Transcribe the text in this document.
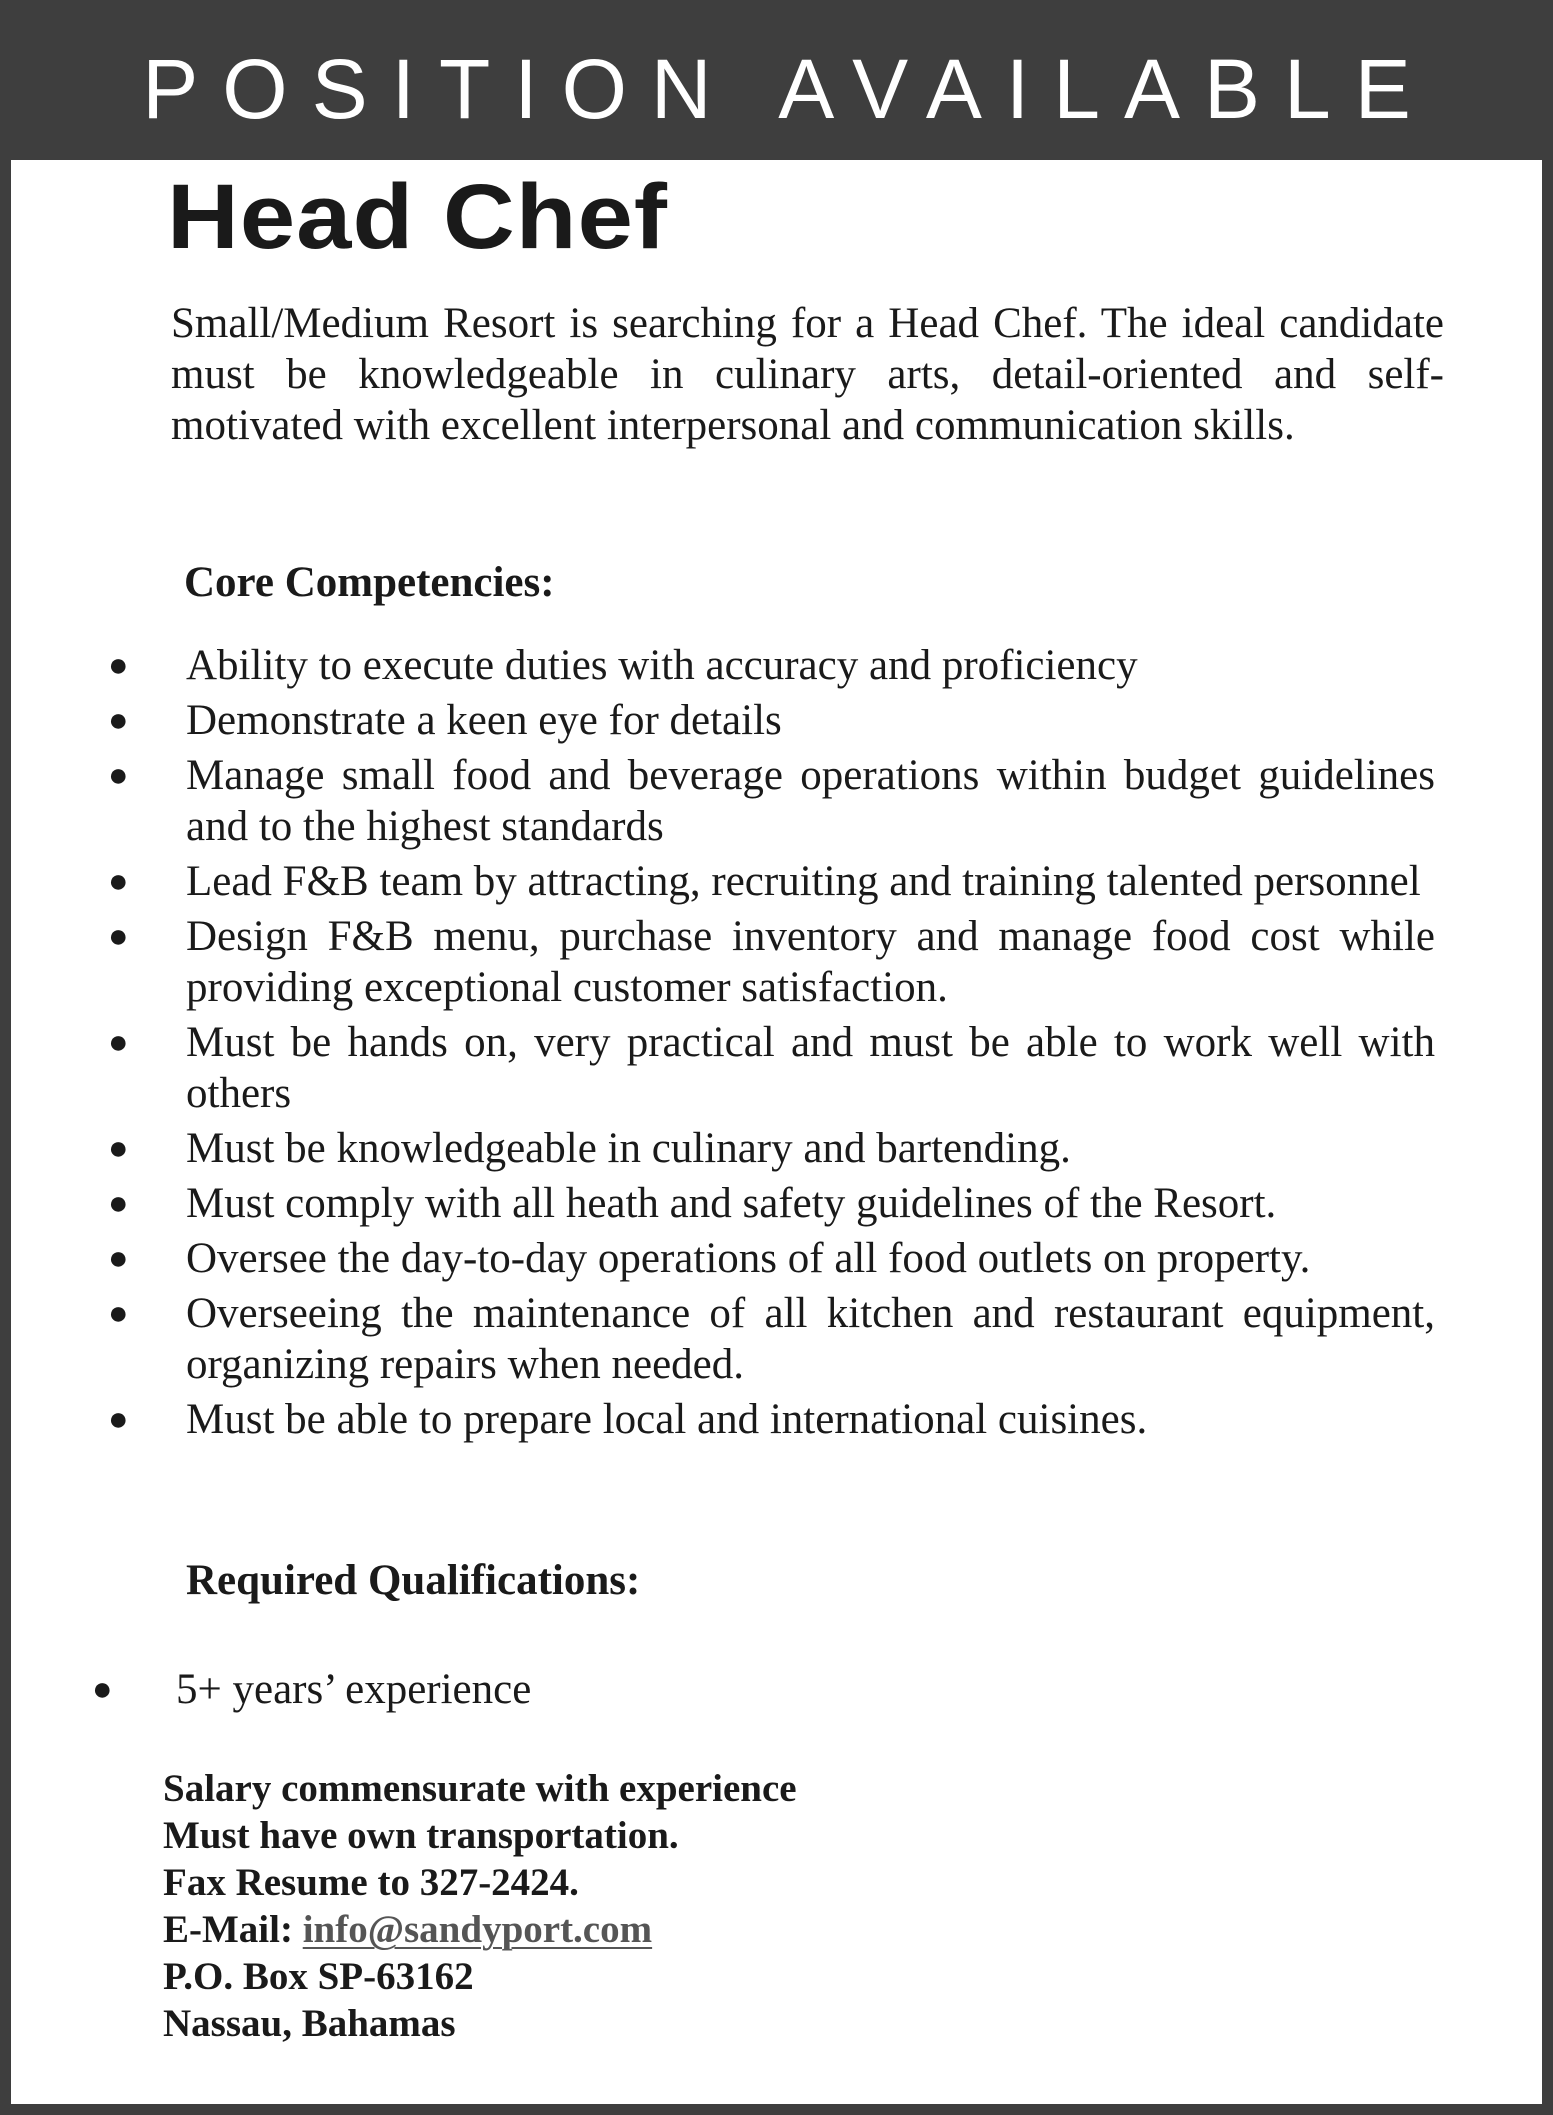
POSITION AVAILABLE
Head Chef

Small/Medium Resort is searching for a Head Chef. The ideal candidate must be knowledgeable in culinary arts, detail-oriented and self-motivated with excellent interpersonal and communication skills.

Core Competencies:

● Ability to execute duties with accuracy and proficiency
● Demonstrate a keen eye for details
● Manage small food and beverage operations within budget guidelines and to the highest standards
● Lead F&B team by attracting, recruiting and training talented personnel
● Design F&B menu, purchase inventory and manage food cost while providing exceptional customer satisfaction.
● Must be hands on, very practical and must be able to work well with others
● Must be knowledgeable in culinary and bartending.
● Must comply with all heath and safety guidelines of the Resort.
● Oversee the day-to-day operations of all food outlets on property.
● Overseeing the maintenance of all kitchen and restaurant equipment, organizing repairs when needed.
● Must be able to prepare local and international cuisines.

Required Qualifications:

● 5+ years’ experience
Salary commensurate with experience
Must have own transportation.
Fax Resume to 327-2424.
E-Mail: info@sandyport.com
P.O. Box SP-63162
Nassau, Bahamas
